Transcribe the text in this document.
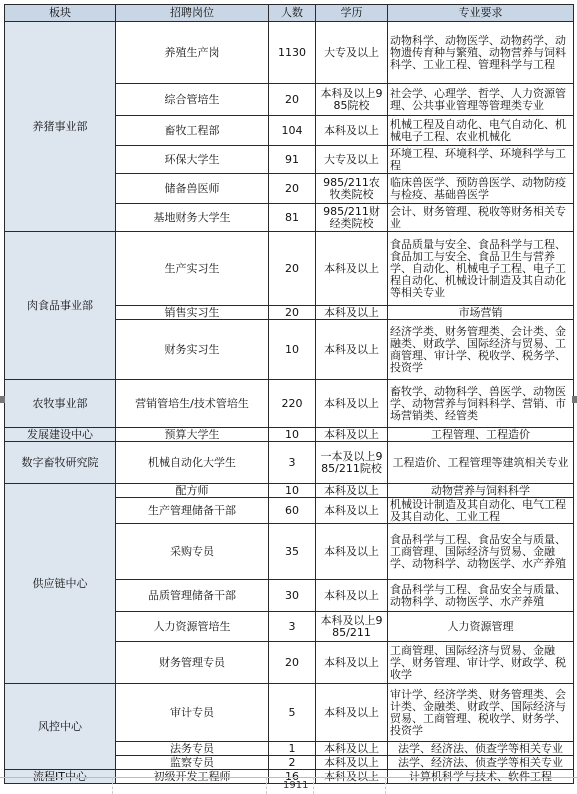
板块	招聘岗位	人数	学历	专业要求
养猪事业部	养殖生产岗	1130	大专及以上	动物科学、动物医学、动物药学、动物遗传育种与繁殖、动物营养与饲料科学、工业工程、管理科学与工程
	综合管培生	20	本科及以上985院校	社会学、心理学、哲学、人力资源管理、公共事业管理等管理类专业
	畜牧工程部	104	本科及以上	机械工程及自动化、电气自动化、机械电子工程、农业机械化
	环保大学生	91	大专及以上	环境工程、环境科学、环境科学与工程
	储备兽医师	20	985/211农牧类院校	临床兽医学、预防兽医学、动物防疫与检疫、基础兽医学
	基地财务大学生	81	985/211财经类院校	会计、财务管理、税收等财务相关专业
肉食品事业部	生产实习生	20	本科及以上	食品质量与安全、食品科学与工程、食品加工与安全、食品卫生与营养学、自动化、机械电子工程、电子工程自动化、机械设计制造及其自动化等相关专业
	销售实习生	20	本科及以上	市场营销
	财务实习生	10	本科及以上	经济学类、财务管理类、会计类、金融类、财政学、国际经济与贸易、工商管理、审计学、税收学、税务学、投资学
农牧事业部	营销管培生/技术管培生	220	本科及以上	畜牧学、动物科学、兽医学、动物医学、动物营养与饲料科学、营销、市场营销类、经管类
发展建设中心	预算大学生	10	本科及以上	工程管理、工程造价
数字畜牧研究院	机械自动化大学生	3	一本及以上985/211院校	工程造价、工程管理等建筑相关专业
供应链中心	配方师	10	本科及以上	动物营养与饲料科学
	生产管理储备干部	60	本科及以上	机械设计制造及其自动化、电气工程及其自动化、工业工程
	采购专员	35	本科及以上	食品科学与工程、食品安全与质量、工商管理、国际经济与贸易、金融学、动物科学、动物医学、水产养殖
	品质管理储备干部	30	本科及以上	食品科学与工程、食品安全与质量、动物科学、动物医学、水产养殖
	人力资源管培生	3	本科及以上985/211	人力资源管理
	财务管理专员	20	本科及以上	工商管理、国际经济与贸易、金融学、财务管理、审计学、财政学、税收学
风控中心	审计专员	5	本科及以上	审计学、经济学类、财务管理类、会计类、金融类、财政学、国际经济与贸易、工商管理、税收学、财务学、投资学
	法务专员	1	本科及以上	法学、经济法、侦查学等相关专业
	监察专员	2	本科及以上	法学、经济法、侦查学等相关专业
流程IT中心	初级开发工程师	16	本科及以上	计算机科学与技术、软件工程
1911
